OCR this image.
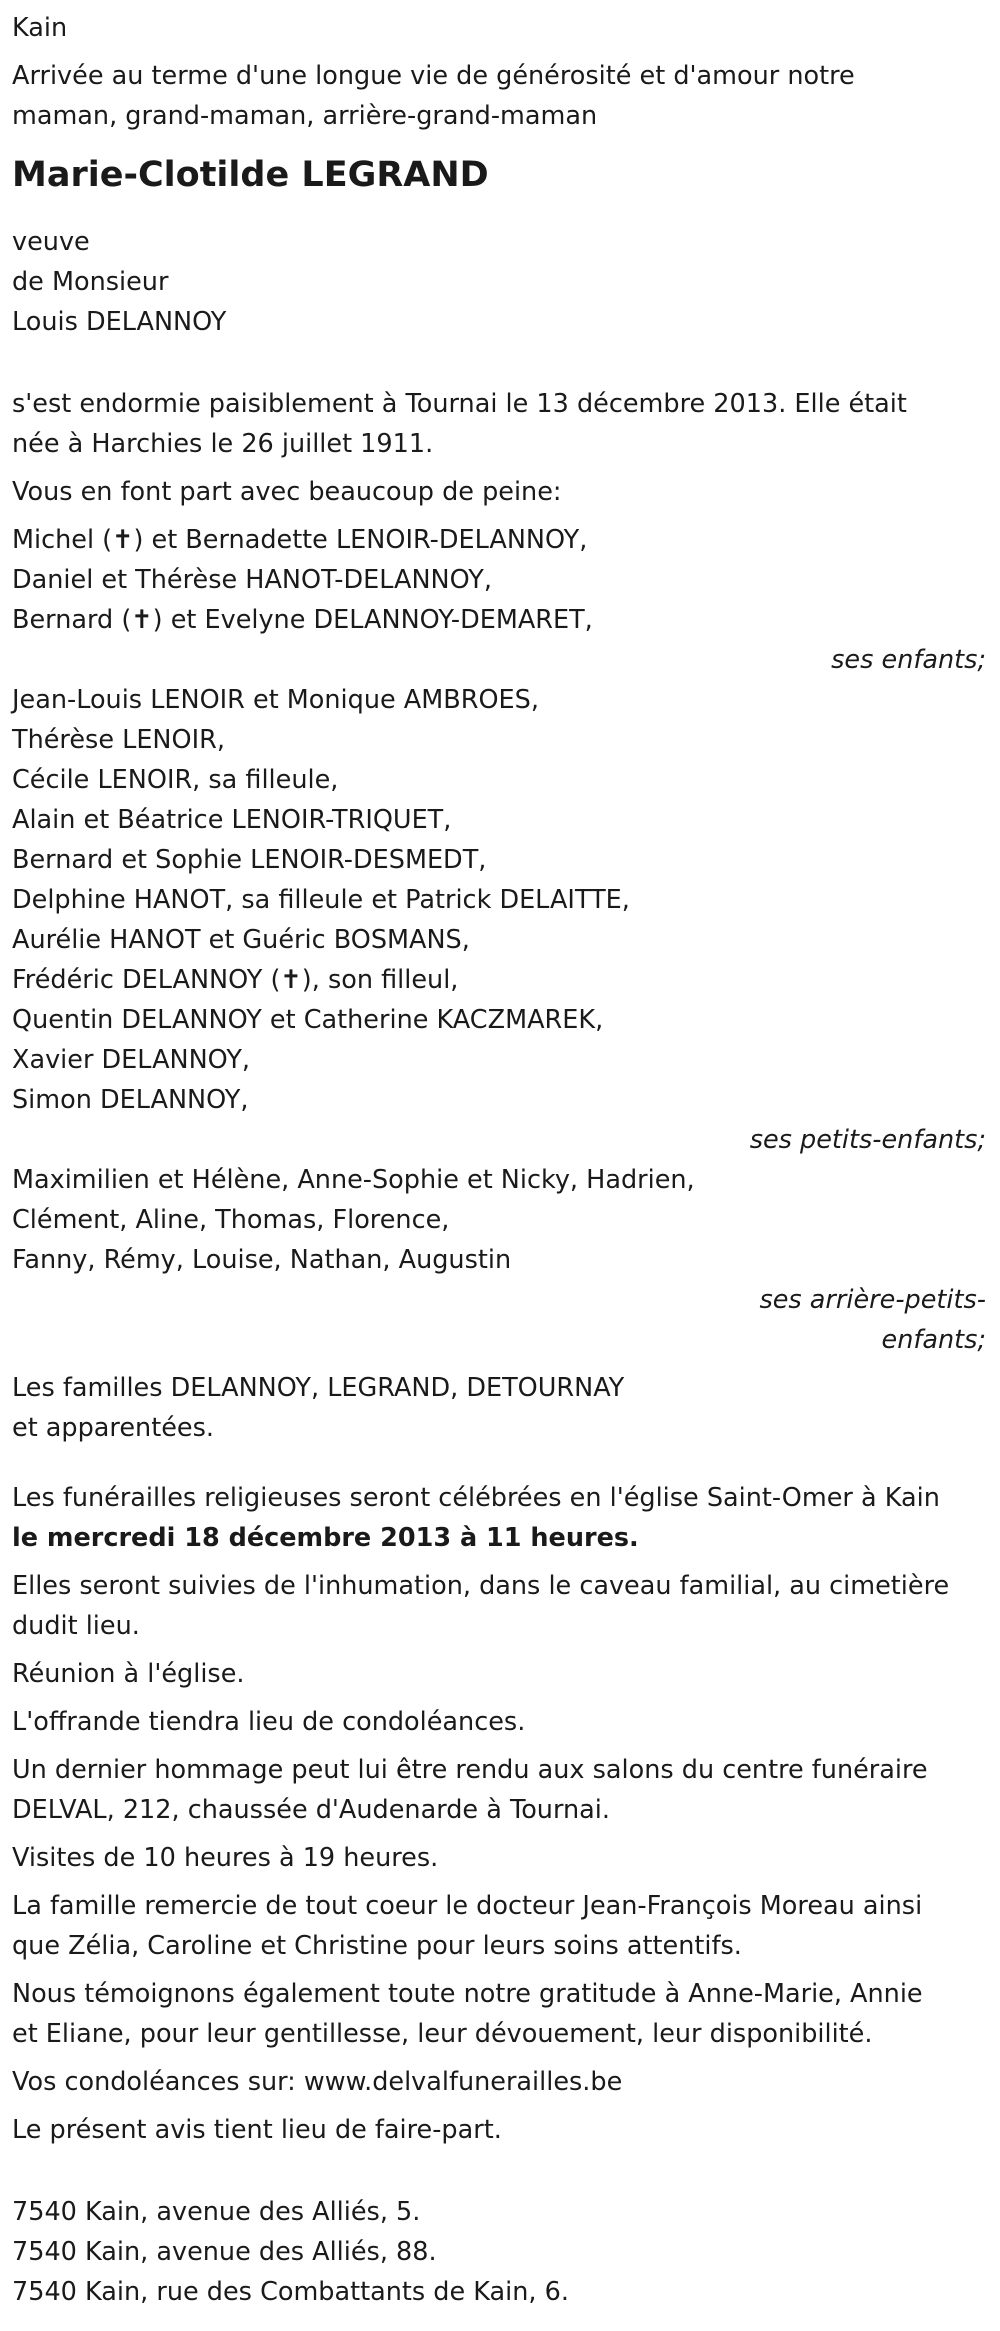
Kain
Arrivée au terme d'une longue vie de générosité et d'amour notre
maman, grand-maman, arrière-grand-maman
Marie-Clotilde LEGRAND
veuve
de Monsieur
Louis DELANNOY
s'est endormie paisiblement à Tournai le 13 décembre 2013. Elle était
née à Harchies le 26 juillet 1911.
Vous en font part avec beaucoup de peine:
Michel (✝) et Bernadette LENOIR-DELANNOY,
Daniel et Thérèse HANOT-DELANNOY,
Bernard (✝) et Evelyne DELANNOY-DEMARET,
ses enfants;
Jean-Louis LENOIR et Monique AMBROES,
Thérèse LENOIR,
Cécile LENOIR, sa filleule,
Alain et Béatrice LENOIR-TRIQUET,
Bernard et Sophie LENOIR-DESMEDT,
Delphine HANOT, sa filleule et Patrick DELAITTE,
Aurélie HANOT et Guéric BOSMANS,
Frédéric DELANNOY (✝), son filleul,
Quentin DELANNOY et Catherine KACZMAREK,
Xavier DELANNOY,
Simon DELANNOY,
ses petits-enfants;
Maximilien et Hélène, Anne-Sophie et Nicky, Hadrien,
Clément, Aline, Thomas, Florence,
Fanny, Rémy, Louise, Nathan, Augustin
ses arrière-petits-
enfants;
Les familles DELANNOY, LEGRAND, DETOURNAY
et apparentées.
Les funérailles religieuses seront célébrées en l'église Saint-Omer à Kain
le mercredi 18 décembre 2013 à 11 heures.
Elles seront suivies de l'inhumation, dans le caveau familial, au cimetière
dudit lieu.
Réunion à l'église.
L'offrande tiendra lieu de condoléances.
Un dernier hommage peut lui être rendu aux salons du centre funéraire
DELVAL, 212, chaussée d'Audenarde à Tournai.
Visites de 10 heures à 19 heures.
La famille remercie de tout coeur le docteur Jean-François Moreau ainsi
que Zélia, Caroline et Christine pour leurs soins attentifs.
Nous témoignons également toute notre gratitude à Anne-Marie, Annie
et Eliane, pour leur gentillesse, leur dévouement, leur disponibilité.
Vos condoléances sur: www.delvalfunerailles.be
Le présent avis tient lieu de faire-part.
7540 Kain, avenue des Alliés, 5.
7540 Kain, avenue des Alliés, 88.
7540 Kain, rue des Combattants de Kain, 6.
